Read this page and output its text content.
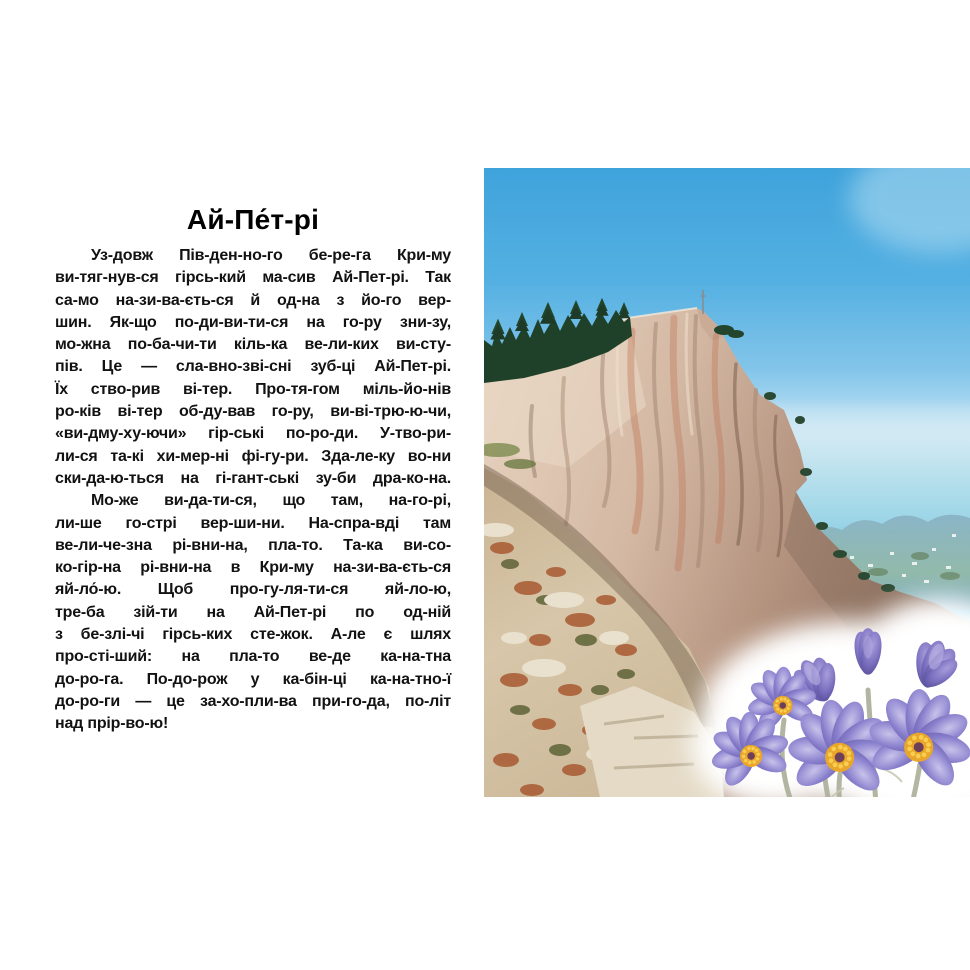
Ай-Пе́т-рі
Уз-довж Пів-ден-но-го бе-ре-га Кри-му
ви-тяг-нув-ся гірсь-кий ма-сив Ай-Пет-рі. Так
са-мо на-зи-ва-єть-ся й од-на з йо-го вер-
шин. Як-що по-ди-ви-ти-ся на го-ру зни-зу,
мо-жна по-ба-чи-ти кіль-ка ве-ли-ких ви-сту-
пів. Це — сла-вно-зві-сні зуб-ці Ай-Пет-рі.
Їх ство-рив ві-тер. Про-тя-гом міль-йо-нів
ро-ків ві-тер об-ду-вав го-ру, ви-ві-трю-ю-чи,
«ви-дму-ху-ючи» гір-ські по-ро-ди. У-тво-ри-
ли-ся та-кі хи-мер-ні фі-гу-ри. Зда-ле-ку во-ни
ски-да-ю-ться на гі-гант-ські зу-би дра-ко-на.
Мо-же ви-да-ти-ся, що там, на-го-рі,
ли-ше го-стрі вер-ши-ни. На-спра-вді там
ве-ли-че-зна рі-вни-на, пла-то. Та-ка ви-со-
ко-гір-на рі-вни-на в Кри-му на-зи-ва-єть-ся
яй-ло́-ю. Щоб про-гу-ля-ти-ся яй-ло-ю,
тре-ба зій-ти на Ай-Пет-рі по од-ній
з бе-злі-чі гірсь-ких сте-жок. А-ле є шлях
про-сті-ший: на пла-то ве-де ка-на-тна
до-ро-га. По-до-рож у ка-бін-ці ка-на-тно-ї
до-ро-ги — це за-хо-пли-ва при-го-да, по-літ
над прір-во-ю!
